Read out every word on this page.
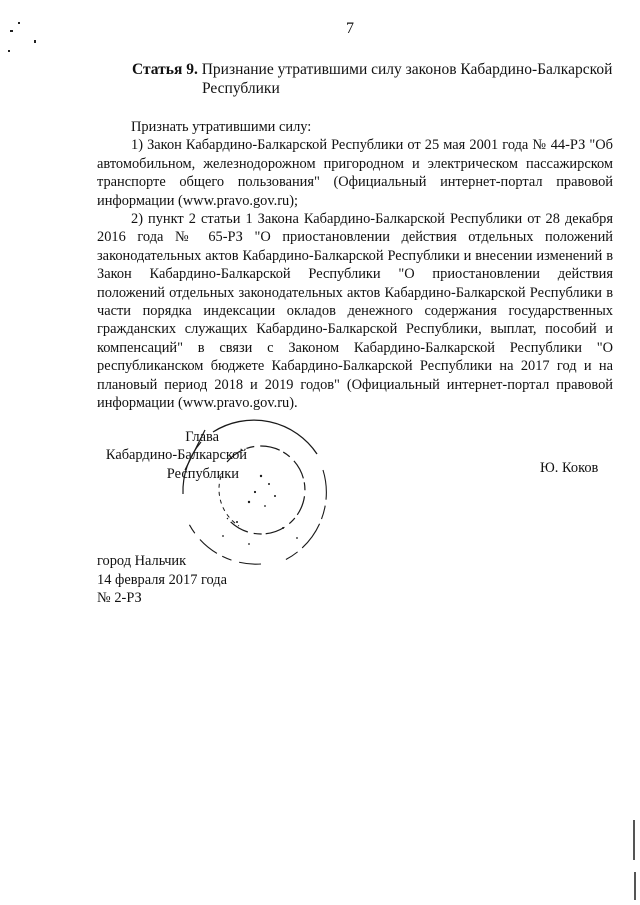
7
Статья 9. Признание утратившими силу законов Кабардино-Балкарской
Республики

Признать утратившими силу:

1) Закон Кабардино-Балкарской Республики от 25 мая 2001 года № 44-РЗ "Об автомобильном, железнодорожном пригородном и электрическом пассажирском транспорте общего пользования" (Официальный интернет-портал правовой информации (www.pravo.gov.ru);

2) пункт 2 статьи 1 Закона Кабардино-Балкарской Республики от 28 декабря 2016 года № 65-РЗ "О приостановлении действия отдельных положений законодательных актов Кабардино-Балкарской Республики и внесении изменений в Закон Кабардино-Балкарской Республики "О приостановлении действия положений отдельных законодательных актов Кабардино-Балкарской Республики в части порядка индексации окладов денежного содержания государственных гражданских служащих Кабардино-Балкарской Республики, выплат, пособий и компенсаций" в связи с Законом Кабардино-Балкарской Республики "О республиканском бюджете Кабардино-Балкарской Республики на 2017 год и на плановый период 2018 и 2019 годов" (Официальный интернет-портал правовой информации (www.pravo.gov.ru).

Глава
Кабардино-Балкарской
Республики	Ю. Коков
город Нальчик
14 февраля 2017 года
№ 2-РЗ
